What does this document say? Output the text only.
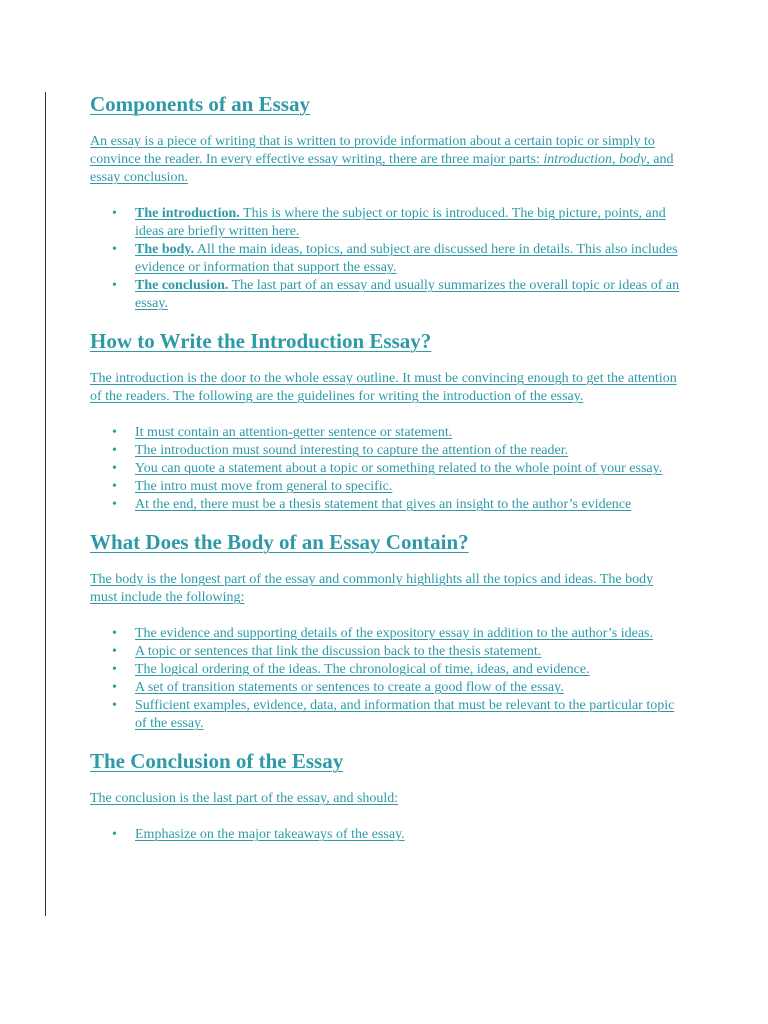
Components of an Essay

An essay is a piece of writing that is written to provide information about a certain topic or simply to convince the reader. In every effective essay writing, there are three major parts: introduction, body, and essay conclusion.

• The introduction. This is where the subject or topic is introduced. The big picture, points, and ideas are briefly written here.
• The body. All the main ideas, topics, and subject are discussed here in details. This also includes evidence or information that support the essay.
• The conclusion. The last part of an essay and usually summarizes the overall topic or ideas of an essay.
How to Write the Introduction Essay?

The introduction is the door to the whole essay outline. It must be convincing enough to get the attention of the readers. The following are the guidelines for writing the introduction of the essay.

• It must contain an attention-getter sentence or statement.
• The introduction must sound interesting to capture the attention of the reader.
• You can quote a statement about a topic or something related to the whole point of your essay.
• The intro must move from general to specific.
• At the end, there must be a thesis statement that gives an insight to the author’s evidence
What Does the Body of an Essay Contain?

The body is the longest part of the essay and commonly highlights all the topics and ideas. The body must include the following:

• The evidence and supporting details of the expository essay in addition to the author’s ideas.
• A topic or sentences that link the discussion back to the thesis statement.
• The logical ordering of the ideas. The chronological of time, ideas, and evidence.
• A set of transition statements or sentences to create a good flow of the essay.
• Sufficient examples, evidence, data, and information that must be relevant to the particular topic of the essay.
The Conclusion of the Essay

The conclusion is the last part of the essay, and should:

• Emphasize on the major takeaways of the essay.
